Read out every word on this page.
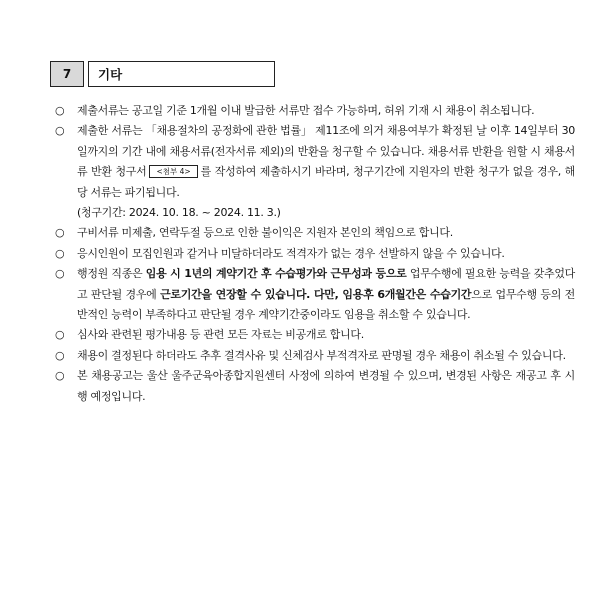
7	기타
○	제출서류는 공고일 기준 1개월 이내 발급한 서류만 접수 가능하며, 허위 기재 시 채용이 취소됩니다.
○	제출한 서류는 「채용절차의 공정화에 관한 법률」 제11조에 의거 채용여부가 확정된 날 이후 14일부터 30일까지의 기간 내에 채용서류(전자서류 제외)의 반환을 청구할 수 있습니다. 채용서류 반환을 원할 시 채용서류 반환 청구서 <첨부 4> 를 작성하여 제출하시기 바라며, 청구기간에 지원자의 반환 청구가 없을 경우, 해당 서류는 파기됩니다.
(청구기간: 2024. 10. 18. ~ 2024. 11. 3.)
○	구비서류 미제출, 연락두절 등으로 인한 불이익은 지원자 본인의 책임으로 합니다.
○	응시인원이 모집인원과 같거나 미달하더라도 적격자가 없는 경우 선발하지 않을 수 있습니다.
○	행정원 직종은 임용 시 1년의 계약기간 후 수습평가와 근무성과 등으로 업무수행에 필요한 능력을 갖추었다고 판단될 경우에 근로기간을 연장할 수 있습니다. 다만, 임용후 6개월간은 수습기간으로 업무수행 등의 전반적인 능력이 부족하다고 판단될 경우 계약기간중이라도 임용을 취소할 수 있습니다.
○	심사와 관련된 평가내용 등 관련 모든 자료는 비공개로 합니다.
○	채용이 결정된다 하더라도 추후 결격사유 및 신체검사 부적격자로 판명될 경우 채용이 취소될 수 있습니다.
○	본 채용공고는 울산 울주군육아종합지원센터 사정에 의하여 변경될 수 있으며, 변경된 사항은 재공고 후 시행 예정입니다.
